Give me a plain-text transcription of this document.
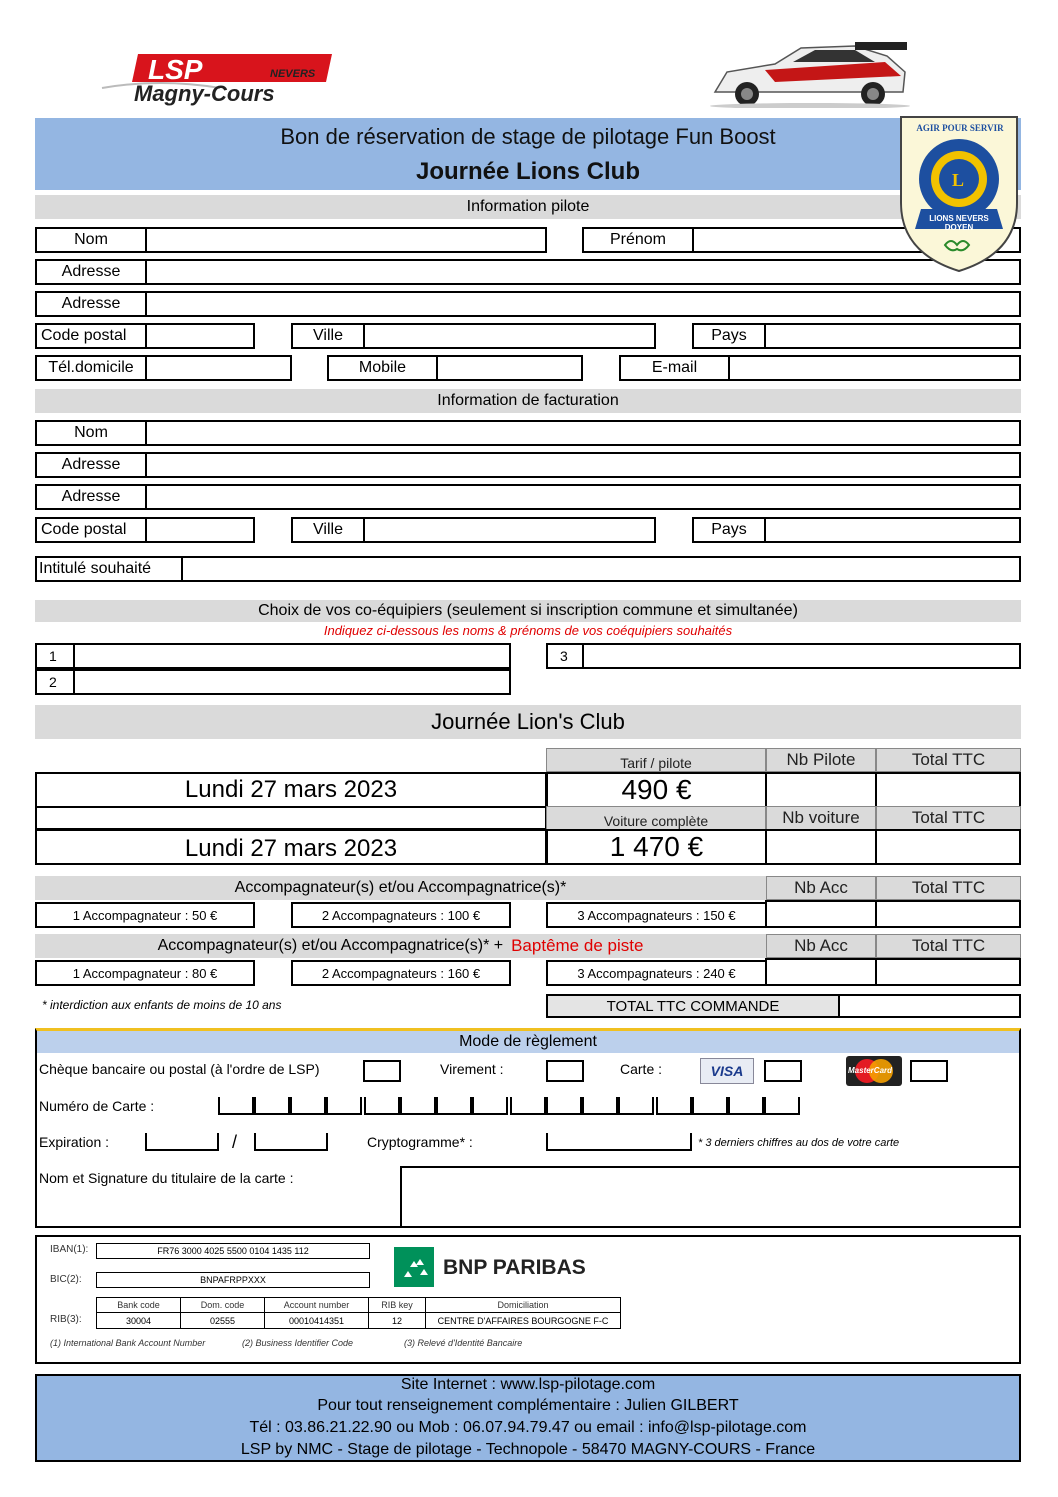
LSP	NEVERS
Magny-Cours
Bon de réservation de stage de pilotage Fun Boost
Journée Lions Club
Information pilote
Nom	Prénom
Adresse
Adresse
Code postal	Ville	Pays
Tél.domicile	Mobile	E-mail
L
AGIR POUR SERVIR
LIONS NEVERS DOYEN
Information de facturation
Nom
Adresse
Adresse
Code postal	Ville	Pays
Intitulé souhaité
Choix de vos co-équipiers (seulement si inscription commune et simultanée)
Indiquez ci-dessous les noms & prénoms de vos coéquipiers souhaités
1
2
3
Journée Lion's Club
Tarif / pilote	Nb Pilote	Total TTC
Lundi 27 mars 2023	490 €
Voiture complète	Nb voiture	Total TTC
Lundi 27 mars 2023	1 470 €
Accompagnateur(s) et/ou Accompagnatrice(s)*	Nb Acc	Total TTC
1 Accompagnateur : 50 €	2 Accompagnateurs : 100 €	3 Accompagnateurs : 150 €
Accompagnateur(s) et/ou Accompagnatrice(s)* + Baptême de piste	Nb Acc	Total TTC
1 Accompagnateur : 80 €	2 Accompagnateurs : 160 €	3 Accompagnateurs : 240 €
* interdiction aux enfants de moins de 10 ans	TOTAL TTC COMMANDE
Mode de règlement
Chèque bancaire ou postal (à l'ordre de LSP)	Virement :	Carte :	VISA	MasterCard
Numéro de Carte :
Expiration :	/	Cryptogramme* :	* 3 derniers chiffres au dos de votre carte
Nom et Signature du titulaire de la carte :
IBAN(1):	FR76 3000 4025 5500 0104 1435 112
BIC(2):	BNPAFRPPXXX
RIB(3):
Bank code	Dom. code	Account number	RIB key	Domiciliation
30004	02555	00010414351	12	CENTRE D'AFFAIRES BOURGOGNE F-C
(1) International Bank Account Number	(2) Business Identifier Code	(3) Relevé d'Identité Bancaire
BNP PARIBAS
Site Internet : www.lsp-pilotage.com
Pour tout renseignement complémentaire : Julien GILBERT
Tél : 03.86.21.22.90 ou Mob : 06.07.94.79.47 ou email : info@lsp-pilotage.com
LSP by NMC - Stage de pilotage - Technopole - 58470 MAGNY-COURS - France
